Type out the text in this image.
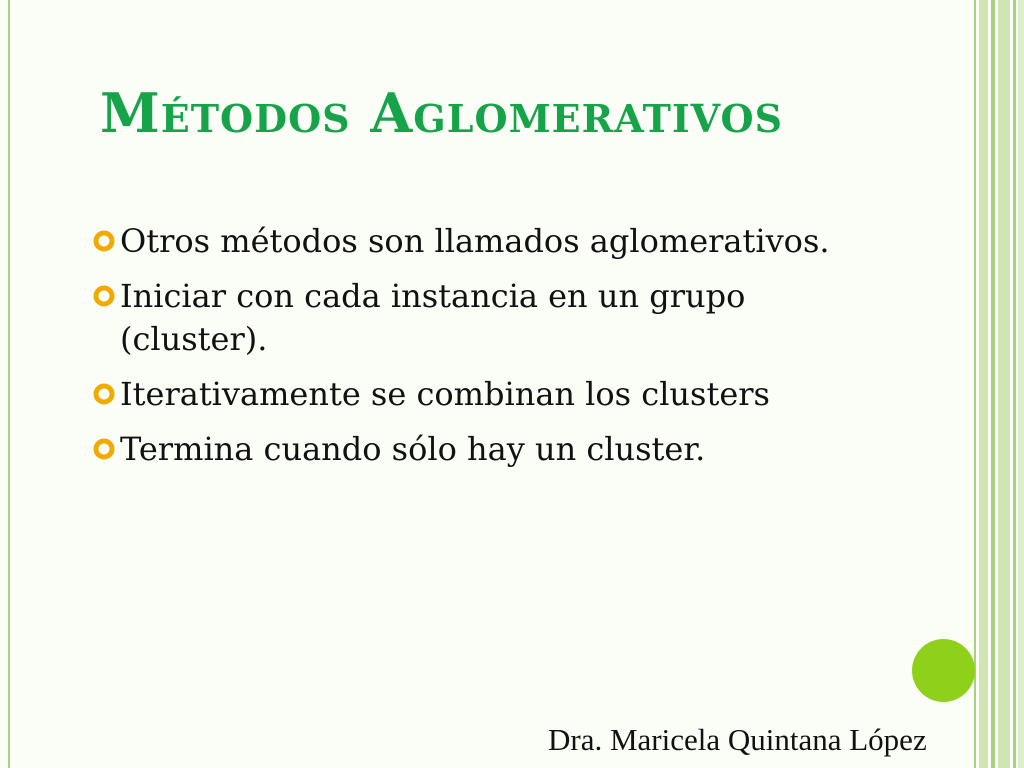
Métodos Aglomerativos
Otros métodos son llamados aglomerativos.
Iniciar con cada instancia en un grupo (cluster).
Iterativamente se combinan los clusters
Termina cuando sólo hay un cluster.
Dra. Maricela Quintana López
